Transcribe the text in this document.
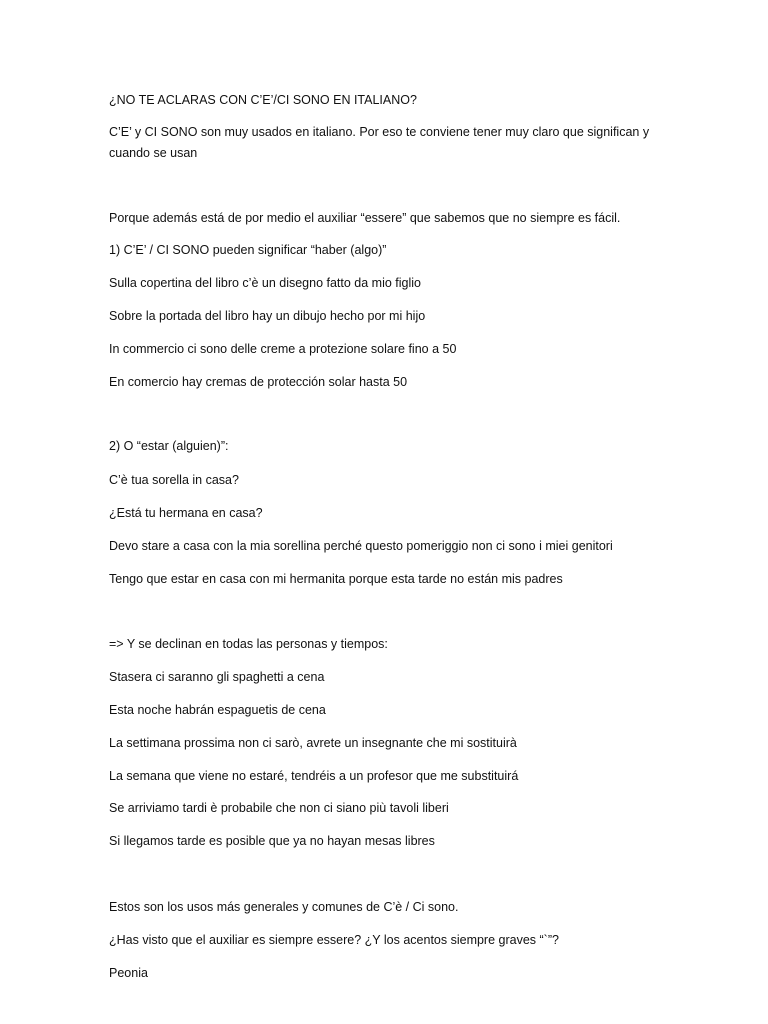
¿NO TE ACLARAS CON C’E’/CI SONO EN ITALIANO?
C’E’ y CI SONO son muy usados en italiano. Por eso te conviene tener muy claro que significan y cuando se usan
Porque además está de por medio el auxiliar “essere” que sabemos que no siempre es fácil.
1) C’E’ / CI SONO pueden significar “haber (algo)”
Sulla copertina del libro c’è un disegno fatto da mio figlio
Sobre la portada del libro hay un dibujo hecho por mi hijo
In commercio ci sono delle creme a protezione solare fino a 50
En comercio hay cremas de protección solar hasta 50
2) O “estar (alguien)”:
C’è tua sorella in casa?
¿Está tu hermana en casa?
Devo stare a casa con la mia sorellina perché questo pomeriggio non ci sono i miei genitori
Tengo que estar en casa con mi hermanita porque esta tarde no están mis padres
=> Y se declinan en todas las personas y tiempos:
Stasera ci saranno gli spaghetti a cena
Esta noche habrán espaguetis de cena
La settimana prossima non ci sarò, avrete un insegnante che mi sostituirà
La semana que viene no estaré, tendréis a un profesor que me substituirá
Se arriviamo tardi è probabile che non ci siano più tavoli liberi
Si llegamos tarde es posible que ya no hayan mesas libres
Estos son los usos más generales y comunes de C’è / Ci sono.
¿Has visto que el auxiliar es siempre essere? ¿Y los acentos siempre graves “`”?
Peonia
